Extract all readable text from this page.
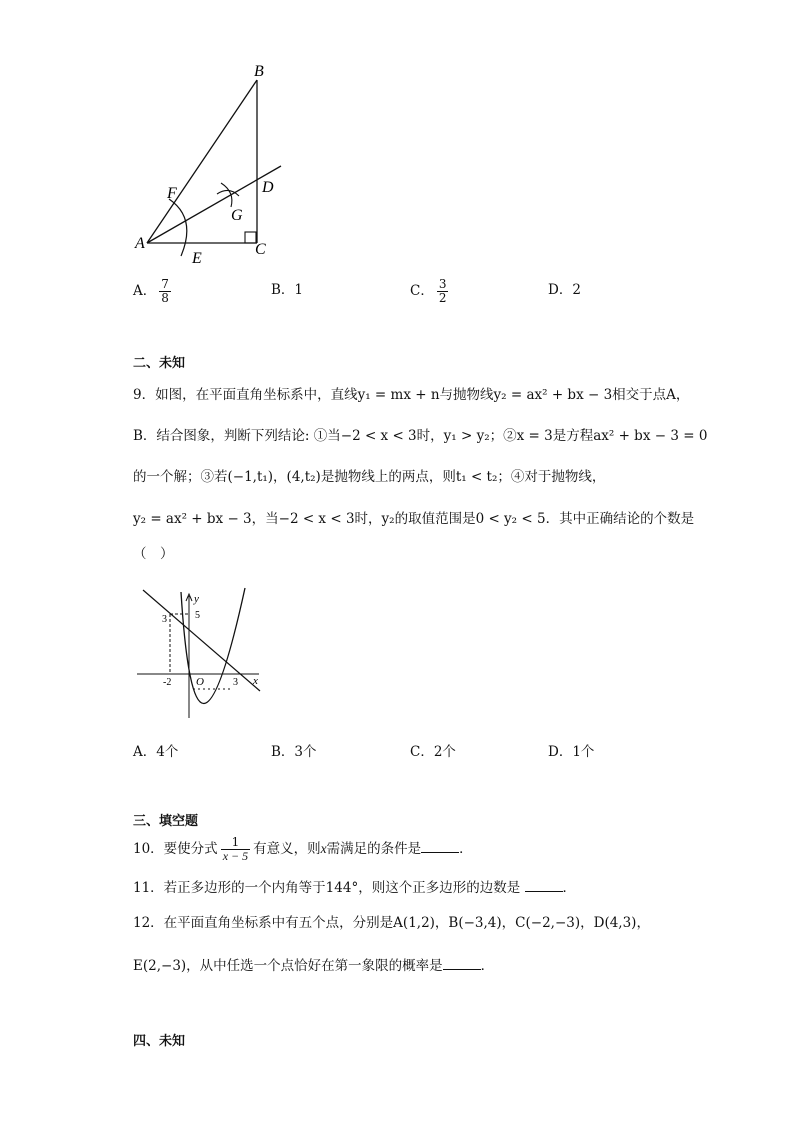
B
D
F
G
A	C
E
A． $\frac{7}{8}$	B．1	C． $\frac{3}{2}$	D．2
二、未知
9．如图，在平面直角坐标系中，直线y₁ = mx + n与抛物线y₂ = ax² + bx − 3相交于点A，
B．结合图象，判断下列结论: ①当−2 < x < 3时，y₁ > y₂；②x = 3是方程ax² + bx − 3 = 0
的一个解；③若(−1,t₁)，(4,t₂)是抛物线上的两点，则t₁ < t₂；④对于抛物线，
y₂ = ax² + bx − 3，当−2 < x < 3时，y₂的取值范围是0 < y₂ < 5．其中正确结论的个数是
（　）
y
x
O
3	5
-2	3
A．4个	B．3个	C．2个	D．1个
三、填空题
10．要使分式 $\frac{1}{x - 5}$ 有意义，则x需满足的条件是	．
11．若正多边形的一个内角等于144°，则这个正多边形的边数是	．
12．在平面直角坐标系中有五个点，分别是A(1,2)，B(−3,4)，C(−2,−3)，D(4,3)，
E(2,−3)，从中任选一个点恰好在第一象限的概率是	．
四、未知
